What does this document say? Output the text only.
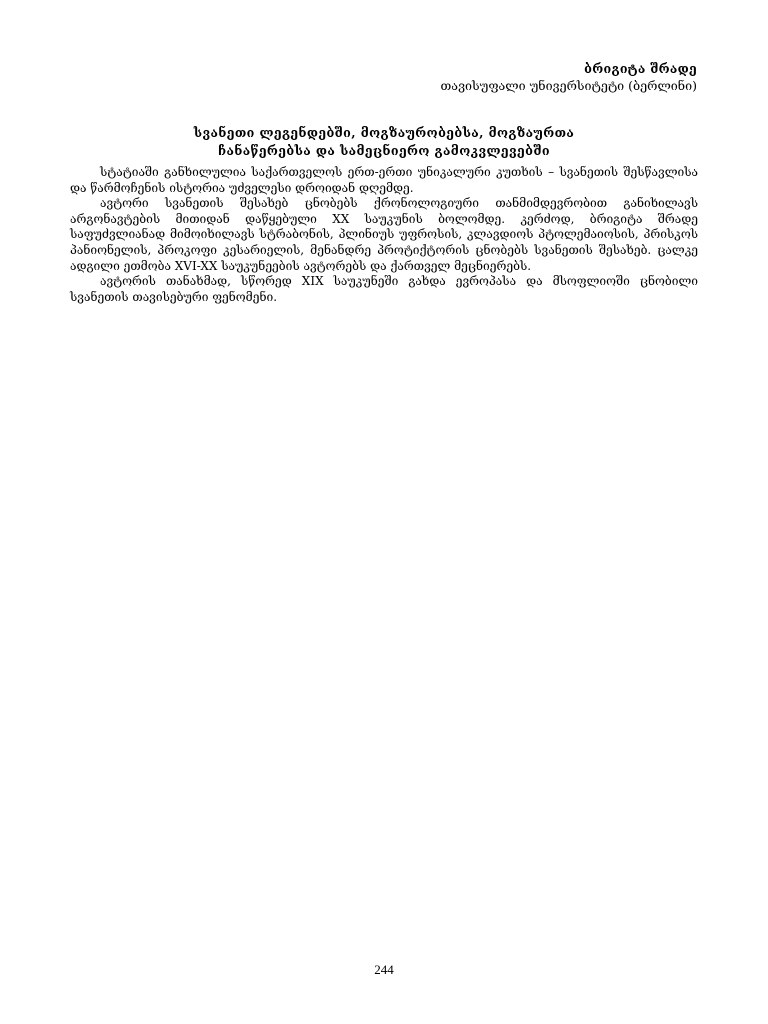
ბრიგიტა შრადე
თავისუფალი უნივერსიტეტი (ბერლინი)
სვანეთი ლეგენდებში, მოგზაურობებსა, მოგზაურთა
ჩანაწერებსა და სამეცნიერო გამოკვლევებში

სტატიაში განხილულია საქართველოს ერთ-ერთი უნიკალური კუთხის – სვანეთის შესწავლისა და წარმოჩენის ისტორია უძველესი დროიდან დღემდე.

ავტორი სვანეთის შესახებ ცნობებს ქრონოლოგიური თანმიმდევრობით განიხილავს არგონავტების მითიდან დაწყებული XX საუკუნის ბოლომდე. კერძოდ, ბრიგიტა შრადე საფუძვლიანად მიმოიხილავს სტრაბონის, პლინიუს უფროსის, კლავდიოს პტოლემაიოსის, პრისკოს პანიონელის, პროკოფი კესარიელის, მენანდრე პროტიქტორის ცნობებს სვანეთის შესახებ. ცალკე ადგილი ეთმობა XVI-XX საუკუნეების ავტორებს და ქართველ მეცნიერებს.

ავტორის თანახმად, სწორედ XIX საუკუნეში გახდა ევროპასა და მსოფლიოში ცნობილი სვანეთის თავისებური ფენომენი.

244
